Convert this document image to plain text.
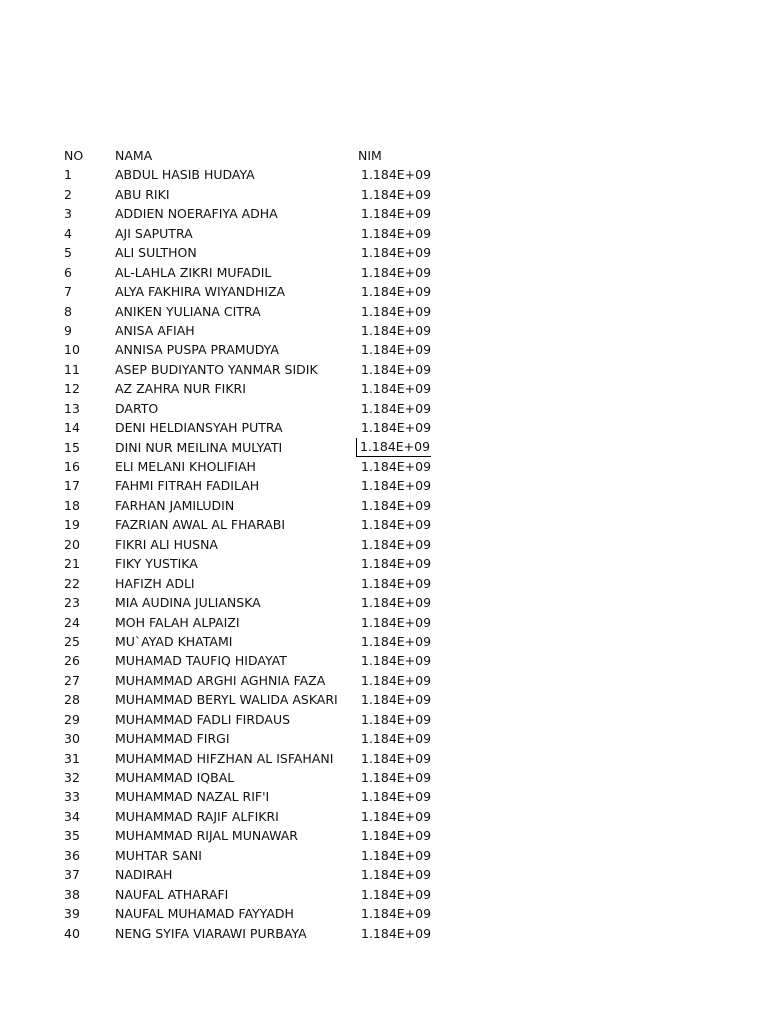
NO	NAMA	NIM
1	ABDUL HASIB HUDAYA	1.184E+09
2	ABU RIKI	1.184E+09
3	ADDIEN NOERAFIYA ADHA	1.184E+09
4	AJI SAPUTRA	1.184E+09
5	ALI SULTHON	1.184E+09
6	AL-LAHLA ZIKRI MUFADIL	1.184E+09
7	ALYA FAKHIRA WIYANDHIZA	1.184E+09
8	ANIKEN YULIANA CITRA	1.184E+09
9	ANISA AFIAH	1.184E+09
10	ANNISA PUSPA PRAMUDYA	1.184E+09
11	ASEP BUDIYANTO YANMAR SIDIK	1.184E+09
12	AZ ZAHRA NUR FIKRI	1.184E+09
13	DARTO	1.184E+09
14	DENI HELDIANSYAH PUTRA	1.184E+09
15	DINI NUR MEILINA MULYATI	1.184E+09
16	ELI MELANI KHOLIFIAH	1.184E+09
17	FAHMI FITRAH FADILAH	1.184E+09
18	FARHAN JAMILUDIN	1.184E+09
19	FAZRIAN AWAL AL FHARABI	1.184E+09
20	FIKRI ALI HUSNA	1.184E+09
21	FIKY YUSTIKA	1.184E+09
22	HAFIZH ADLI	1.184E+09
23	MIA AUDINA JULIANSKA	1.184E+09
24	MOH FALAH ALPAIZI	1.184E+09
25	MU`AYAD KHATAMI	1.184E+09
26	MUHAMAD TAUFIQ HIDAYAT	1.184E+09
27	MUHAMMAD ARGHI AGHNIA FAZA	1.184E+09
28	MUHAMMAD BERYL WALIDA ASKARI 1.184E+09
29	MUHAMMAD FADLI FIRDAUS	1.184E+09
30	MUHAMMAD FIRGI	1.184E+09
31	MUHAMMAD HIFZHAN AL ISFAHANI 1.184E+09
32	MUHAMMAD IQBAL	1.184E+09
33	MUHAMMAD NAZAL RIF'I	1.184E+09
34	MUHAMMAD RAJIF ALFIKRI	1.184E+09
35	MUHAMMAD RIJAL MUNAWAR	1.184E+09
36	MUHTAR SANI	1.184E+09
37	NADIRAH	1.184E+09
38	NAUFAL ATHARAFI	1.184E+09
39	NAUFAL MUHAMAD FAYYADH	1.184E+09
40	NENG SYIFA VIARAWI PURBAYA	1.184E+09
